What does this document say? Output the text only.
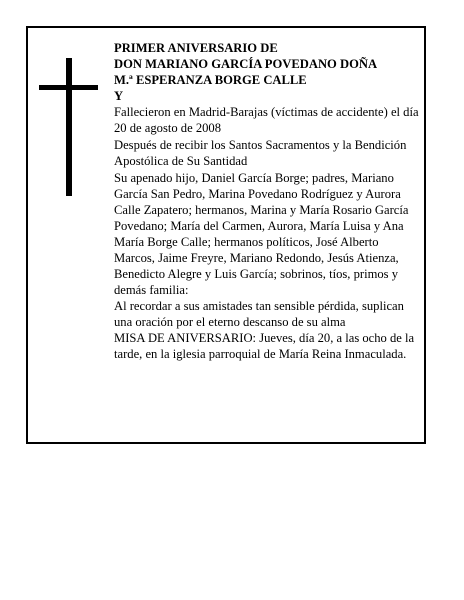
PRIMER ANIVERSARIO DE
DON MARIANO GARCÍA POVEDANO DOÑA
M.ª ESPERANZA BORGE CALLE
Y

Fallecieron en Madrid-Barajas (víctimas de accidente) el día 20 de agosto de 2008

Después de recibir los Santos Sacramentos y la Bendición Apostólica de Su Santidad

Su apenado hijo, Daniel García Borge; padres, Mariano García San Pedro, Marina Povedano Rodríguez y Aurora Calle Zapatero; hermanos, Marina y María Rosario García Povedano; María del Carmen, Aurora, María Luisa y Ana María Borge Calle; hermanos políticos, José Alberto Marcos, Jaime Freyre, Mariano Redondo, Jesús Atienza, Benedicto Alegre y Luis García; sobrinos, tíos, primos y demás familia:

Al recordar a sus amistades tan sensible pérdida, suplican una oración por el eterno descanso de su alma

MISA DE ANIVERSARIO: Jueves, día 20, a las ocho de la tarde, en la iglesia parroquial de María Reina Inmaculada.
